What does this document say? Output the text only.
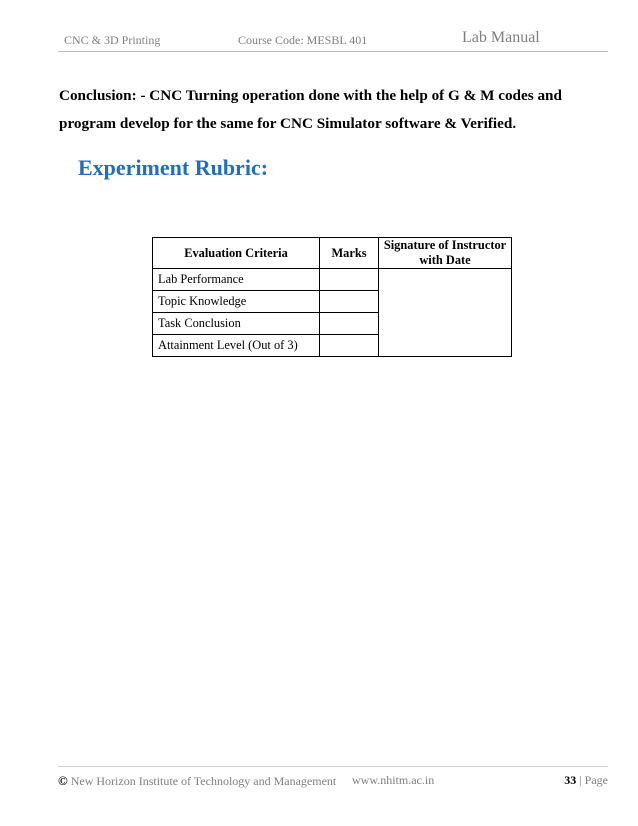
CNC & 3D Printing	Course Code: MESBL 401	Lab Manual
Conclusion: - CNC Turning operation done with the help of G & M codes and program develop for the same for CNC Simulator software & Verified.
Experiment Rubric:
Evaluation Criteria	Marks	Signature of Instructor with Date
Lab Performance		
Topic Knowledge		
Task Conclusion		
Attainment Level (Out of 3)		
© New Horizon Institute of Technology and Management www.nhitm.ac.in	33 | Page
